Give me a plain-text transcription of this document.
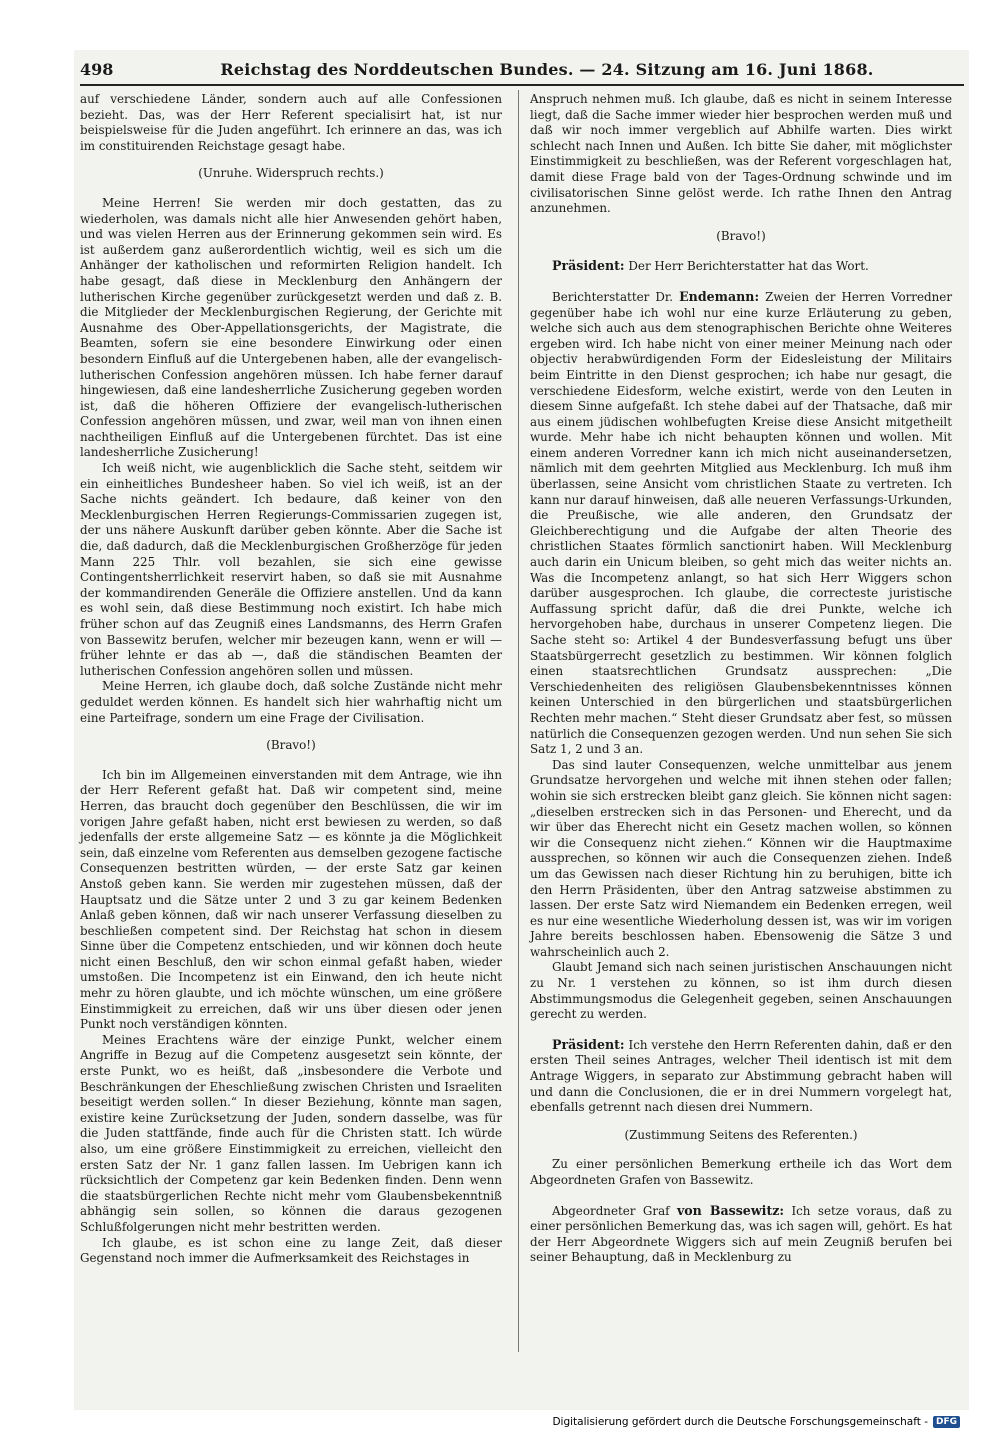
498	Reichstag des Norddeutschen Bundes. — 24. Sitzung am 16. Juni 1868.

auf verschiedene Länder, sondern auch auf alle Confessionen bezieht. Das, was der Herr Referent specialisirt hat, ist nur beispielsweise für die Juden angeführt. Ich erinnere an das, was ich im constituirenden Reichstage gesagt habe.

(Unruhe. Widerspruch rechts.)

Meine Herren! Sie werden mir doch gestatten, das zu wiederholen, was damals nicht alle hier Anwesenden gehört haben, und was vielen Herren aus der Erinnerung gekommen sein wird. Es ist außerdem ganz außerordentlich wichtig, weil es sich um die Anhänger der katholischen und reformirten Religion handelt. Ich habe gesagt, daß diese in Mecklenburg den Anhängern der lutherischen Kirche gegenüber zurückgesetzt werden und daß z. B. die Mitglieder der Mecklenburgischen Regierung, der Gerichte mit Ausnahme des Ober-Appellationsgerichts, der Magistrate, die Beamten, sofern sie eine besondere Einwirkung oder einen besondern Einfluß auf die Untergebenen haben, alle der evangelisch-lutherischen Confession angehören müssen. Ich habe ferner darauf hingewiesen, daß eine landesherrliche Zusicherung gegeben worden ist, daß die höheren Offiziere der evangelisch-lutherischen Confession angehören müssen, und zwar, weil man von ihnen einen nachtheiligen Einfluß auf die Untergebenen fürchtet. Das ist eine landesherrliche Zusicherung!

Ich weiß nicht, wie augenblicklich die Sache steht, seitdem wir ein einheitliches Bundesheer haben. So viel ich weiß, ist an der Sache nichts geändert. Ich bedaure, daß keiner von den Mecklenburgischen Herren Regierungs-Commissarien zugegen ist, der uns nähere Auskunft darüber geben könnte. Aber die Sache ist die, daß dadurch, daß die Mecklenburgischen Großherzöge für jeden Mann 225 Thlr. voll bezahlen, sie sich eine gewisse Contingentsherrlichkeit reservirt haben, so daß sie mit Ausnahme der kommandirenden Generäle die Offiziere anstellen. Und da kann es wohl sein, daß diese Bestimmung noch existirt. Ich habe mich früher schon auf das Zeugniß eines Landsmanns, des Herrn Grafen von Bassewitz berufen, welcher mir bezeugen kann, wenn er will — früher lehnte er das ab —, daß die ständischen Beamten der lutherischen Confession angehören sollen und müssen.

Meine Herren, ich glaube doch, daß solche Zustände nicht mehr geduldet werden können. Es handelt sich hier wahrhaftig nicht um eine Parteifrage, sondern um eine Frage der Civilisation.

(Bravo!)

Ich bin im Allgemeinen einverstanden mit dem Antrage, wie ihn der Herr Referent gefaßt hat. Daß wir competent sind, meine Herren, das braucht doch gegenüber den Beschlüssen, die wir im vorigen Jahre gefaßt haben, nicht erst bewiesen zu werden, so daß jedenfalls der erste allgemeine Satz — es könnte ja die Möglichkeit sein, daß einzelne vom Referenten aus demselben gezogene factische Consequenzen bestritten würden, — der erste Satz gar keinen Anstoß geben kann. Sie werden mir zugestehen müssen, daß der Hauptsatz und die Sätze unter 2 und 3 zu gar keinem Bedenken Anlaß geben können, daß wir nach unserer Verfassung dieselben zu beschließen competent sind. Der Reichstag hat schon in diesem Sinne über die Competenz entschieden, und wir können doch heute nicht einen Beschluß, den wir schon einmal gefaßt haben, wieder umstoßen. Die Incompetenz ist ein Einwand, den ich heute nicht mehr zu hören glaubte, und ich möchte wünschen, um eine größere Einstimmigkeit zu erreichen, daß wir uns über diesen oder jenen Punkt noch verständigen könnten.

Meines Erachtens wäre der einzige Punkt, welcher einem Angriffe in Bezug auf die Competenz ausgesetzt sein könnte, der erste Punkt, wo es heißt, daß „insbesondere die Verbote und Beschränkungen der Eheschließung zwischen Christen und Israeliten beseitigt werden sollen.“ In dieser Beziehung, könnte man sagen, existire keine Zurücksetzung der Juden, sondern dasselbe, was für die Juden stattfände, finde auch für die Christen statt. Ich würde also, um eine größere Einstimmigkeit zu erreichen, vielleicht den ersten Satz der Nr. 1 ganz fallen lassen. Im Uebrigen kann ich rücksichtlich der Competenz gar kein Bedenken finden. Denn wenn die staatsbürgerlichen Rechte nicht mehr vom Glaubensbekenntniß abhängig sein sollen, so können die daraus gezogenen Schlußfolgerungen nicht mehr bestritten werden.

Ich glaube, es ist schon eine zu lange Zeit, daß dieser Gegenstand noch immer die Aufmerksamkeit des Reichstages in

Anspruch nehmen muß. Ich glaube, daß es nicht in seinem Interesse liegt, daß die Sache immer wieder hier besprochen werden muß und daß wir noch immer vergeblich auf Abhilfe warten. Dies wirkt schlecht nach Innen und Außen. Ich bitte Sie daher, mit möglichster Einstimmigkeit zu beschließen, was der Referent vorgeschlagen hat, damit diese Frage bald von der Tages-Ordnung schwinde und im civilisatorischen Sinne gelöst werde. Ich rathe Ihnen den Antrag anzunehmen.

(Bravo!)

Präsident: Der Herr Berichterstatter hat das Wort.

Berichterstatter Dr. Endemann: Zweien der Herren Vorredner gegenüber habe ich wohl nur eine kurze Erläuterung zu geben, welche sich auch aus dem stenographischen Berichte ohne Weiteres ergeben wird. Ich habe nicht von einer meiner Meinung nach oder objectiv herabwürdigenden Form der Eidesleistung der Militairs beim Eintritte in den Dienst gesprochen; ich habe nur gesagt, die verschiedene Eidesform, welche existirt, werde von den Leuten in diesem Sinne aufgefaßt. Ich stehe dabei auf der Thatsache, daß mir aus einem jüdischen wohlbefugten Kreise diese Ansicht mitgetheilt wurde. Mehr habe ich nicht behaupten können und wollen. Mit einem anderen Vorredner kann ich mich nicht auseinandersetzen, nämlich mit dem geehrten Mitglied aus Mecklenburg. Ich muß ihm überlassen, seine Ansicht vom christlichen Staate zu vertreten. Ich kann nur darauf hinweisen, daß alle neueren Verfassungs-Urkunden, die Preußische, wie alle anderen, den Grundsatz der Gleichberechtigung und die Aufgabe der alten Theorie des christlichen Staates förmlich sanctionirt haben. Will Mecklenburg auch darin ein Unicum bleiben, so geht mich das weiter nichts an. Was die Incompetenz anlangt, so hat sich Herr Wiggers schon darüber ausgesprochen. Ich glaube, die correcteste juristische Auffassung spricht dafür, daß die drei Punkte, welche ich hervorgehoben habe, durchaus in unserer Competenz liegen. Die Sache steht so: Artikel 4 der Bundesverfassung befugt uns über Staatsbürgerrecht gesetzlich zu bestimmen. Wir können folglich einen staatsrechtlichen Grundsatz aussprechen: „Die Verschiedenheiten des religiösen Glaubensbekenntnisses können keinen Unterschied in den bürgerlichen und staatsbürgerlichen Rechten mehr machen.“ Steht dieser Grundsatz aber fest, so müssen natürlich die Consequenzen gezogen werden. Und nun sehen Sie sich Satz 1, 2 und 3 an.

Das sind lauter Consequenzen, welche unmittelbar aus jenem Grundsatze hervorgehen und welche mit ihnen stehen oder fallen; wohin sie sich erstrecken bleibt ganz gleich. Sie können nicht sagen: „dieselben erstrecken sich in das Personen- und Eherecht, und da wir über das Eherecht nicht ein Gesetz machen wollen, so können wir die Consequenz nicht ziehen.“ Können wir die Hauptmaxime aussprechen, so können wir auch die Consequenzen ziehen. Indeß um das Gewissen nach dieser Richtung hin zu beruhigen, bitte ich den Herrn Präsidenten, über den Antrag satzweise abstimmen zu lassen. Der erste Satz wird Niemandem ein Bedenken erregen, weil es nur eine wesentliche Wiederholung dessen ist, was wir im vorigen Jahre bereits beschlossen haben. Ebensowenig die Sätze 3 und wahrscheinlich auch 2.

Glaubt Jemand sich nach seinen juristischen Anschauungen nicht zu Nr. 1 verstehen zu können, so ist ihm durch diesen Abstimmungsmodus die Gelegenheit gegeben, seinen Anschauungen gerecht zu werden.

Präsident: Ich verstehe den Herrn Referenten dahin, daß er den ersten Theil seines Antrages, welcher Theil identisch ist mit dem Antrage Wiggers, in separato zur Abstimmung gebracht haben will und dann die Conclusionen, die er in drei Nummern vorgelegt hat, ebenfalls getrennt nach diesen drei Nummern.

(Zustimmung Seitens des Referenten.)

Zu einer persönlichen Bemerkung ertheile ich das Wort dem Abgeordneten Grafen von Bassewitz.

Abgeordneter Graf von Bassewitz: Ich setze voraus, daß zu einer persönlichen Bemerkung das, was ich sagen will, gehört. Es hat der Herr Abgeordnete Wiggers sich auf mein Zeugniß berufen bei seiner Behauptung, daß in Mecklenburg zu

Digitalisierung gefördert durch die Deutsche Forschungsgemeinschaft - DFG
